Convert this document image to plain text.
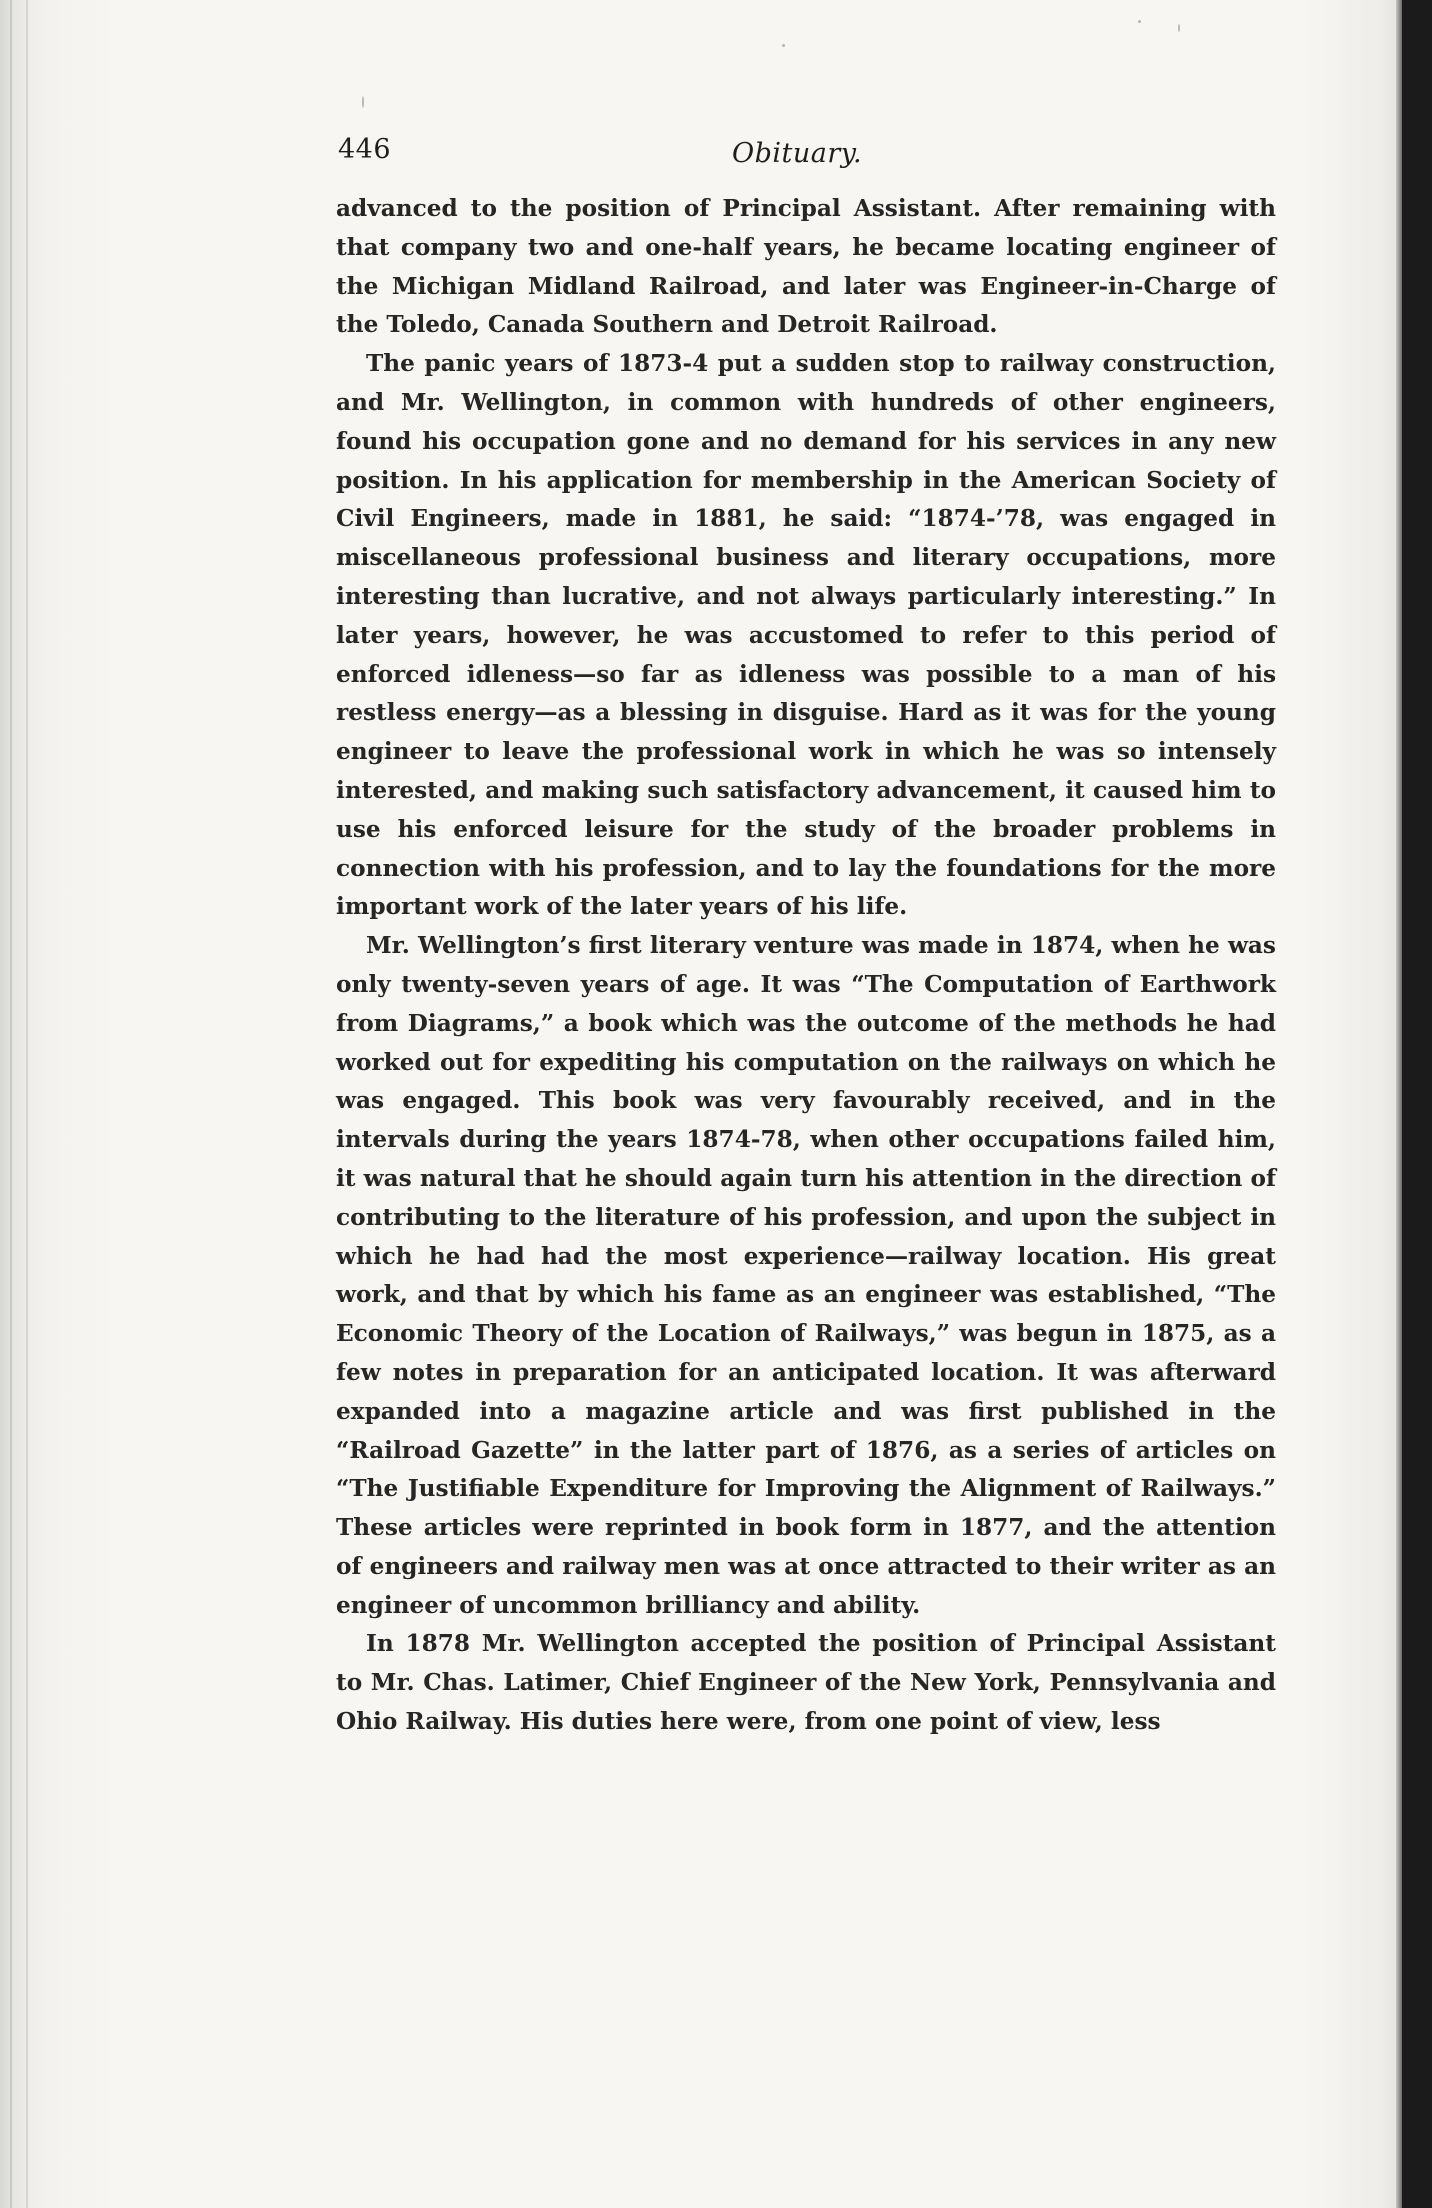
446	Obituary.

advanced to the position of Principal Assistant. After remaining with that company two and one-half years, he became locating engineer of the Michigan Midland Railroad, and later was Engineer-in-Charge of the Toledo, Canada Southern and Detroit Railroad.

The panic years of 1873-4 put a sudden stop to railway construction, and Mr. Wellington, in common with hundreds of other engineers, found his occupation gone and no demand for his services in any new position. In his application for membership in the American Society of Civil Engineers, made in 1881, he said: “1874-’78, was engaged in miscellaneous professional business and literary occupations, more interesting than lucrative, and not always particularly interesting.” In later years, however, he was accustomed to refer to this period of enforced idleness—so far as idleness was possible to a man of his restless energy—as a blessing in disguise. Hard as it was for the young engineer to leave the professional work in which he was so intensely interested, and making such satisfactory advancement, it caused him to use his enforced leisure for the study of the broader problems in connection with his profession, and to lay the foundations for the more important work of the later years of his life.

Mr. Wellington’s first literary venture was made in 1874, when he was only twenty-seven years of age. It was “The Computation of Earthwork from Diagrams,” a book which was the outcome of the methods he had worked out for expediting his computation on the railways on which he was engaged. This book was very favourably received, and in the intervals during the years 1874-78, when other occupations failed him, it was natural that he should again turn his attention in the direction of contributing to the literature of his profession, and upon the subject in which he had had the most experience—railway location. His great work, and that by which his fame as an engineer was established, “The Economic Theory of the Location of Railways,” was begun in 1875, as a few notes in preparation for an anticipated location. It was afterward expanded into a magazine article and was first published in the “Railroad Gazette” in the latter part of 1876, as a series of articles on “The Justifiable Expenditure for Improving the Alignment of Railways.” These articles were reprinted in book form in 1877, and the attention of engineers and railway men was at once attracted to their writer as an engineer of uncommon brilliancy and ability.

In 1878 Mr. Wellington accepted the position of Principal Assistant to Mr. Chas. Latimer, Chief Engineer of the New York, Pennsylvania and Ohio Railway. His duties here were, from one point of view, less
